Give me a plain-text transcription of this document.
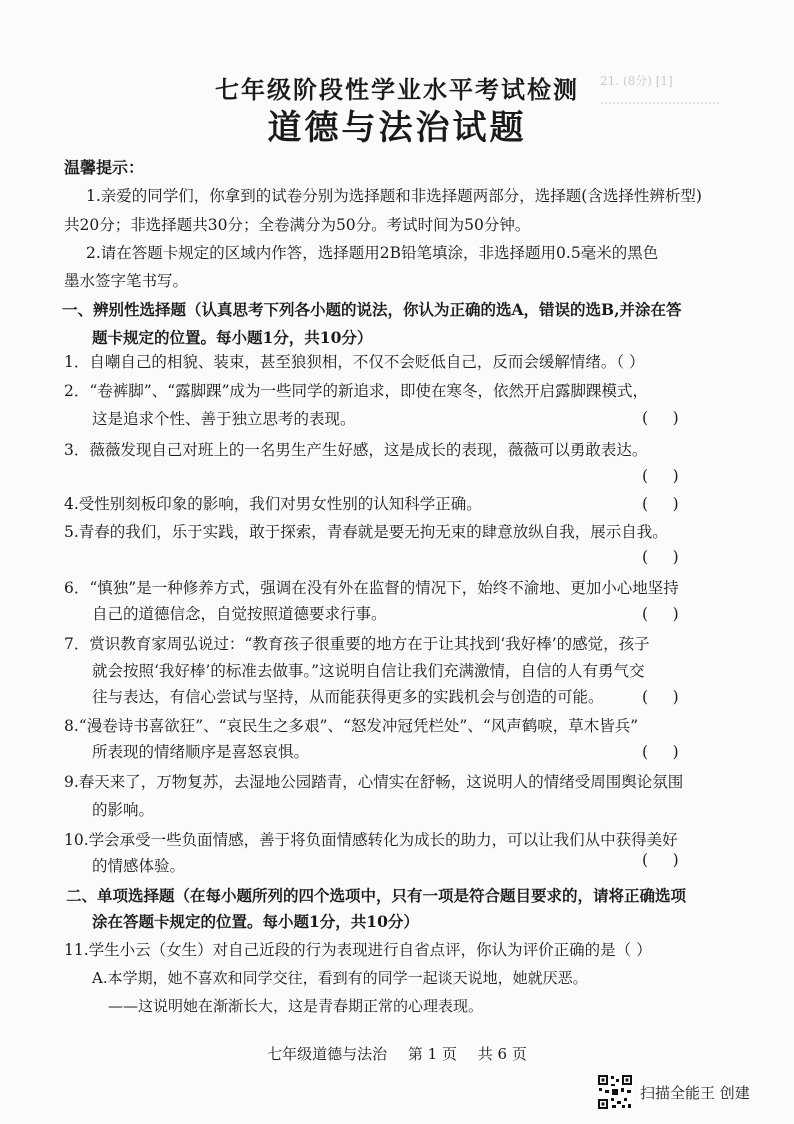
21. (8分) [1]
…………………………
七年级阶段性学业水平考试检测
道德与法治试题
温馨提示：
1.亲爱的同学们，你拿到的试卷分别为选择题和非选择题两部分，选择题(含选择性辨析型)
共20分；非选择题共30分；全卷满分为50分。考试时间为50分钟。
2.请在答题卡规定的区域内作答，选择题用2B铅笔填涂，非选择题用0.5毫米的黑色
墨水签字笔书写。
一、辨别性选择题（认真思考下列各小题的说法，你认为正确的选A，错误的选B,并涂在答
题卡规定的位置。每小题1分，共10分）
1．自嘲自己的相貌、装束，甚至狼狈相，不仅不会贬低自己，反而会缓解情绪。（ ）
2．“卷裤脚”、“露脚踝”成为一些同学的新追求，即使在寒冬，依然开启露脚踝模式，
这是追求个性、善于独立思考的表现。	(     )
3．薇薇发现自己对班上的一名男生产生好感，这是成长的表现，薇薇可以勇敢表达。
(     )
4.受性别刻板印象的影响，我们对男女性别的认知科学正确。	(     )
5.青春的我们，乐于实践，敢于探索，青春就是要无拘无束的肆意放纵自我，展示自我。
(     )
6．“慎独”是一种修养方式，强调在没有外在监督的情况下，始终不渝地、更加小心地坚持
自己的道德信念，自觉按照道德要求行事。	(     )
7．赏识教育家周弘说过：“教育孩子很重要的地方在于让其找到‘我好棒’的感觉，孩子
就会按照‘我好棒’的标准去做事。”这说明自信让我们充满激情，自信的人有勇气交
往与表达，有信心尝试与坚持，从而能获得更多的实践机会与创造的可能。 (     )
8.“漫卷诗书喜欲狂”、“哀民生之多艰”、“怒发冲冠凭栏处”、“风声鹤唳，草木皆兵”
所表现的情绪顺序是喜怒哀惧。	(     )
9.春天来了，万物复苏，去湿地公园踏青，心情实在舒畅，这说明人的情绪受周围舆论氛围
的影响。
10.学会承受一些负面情感，善于将负面情感转化为成长的助力，可以让我们从中获得美好
的情感体验。	(     )
二、单项选择题（在每小题所列的四个选项中，只有一项是符合题目要求的，请将正确选项
涂在答题卡规定的位置。每小题1分，共10分）
11.学生小云（女生）对自己近段的行为表现进行自省点评，你认为评价正确的是（ ）
A.本学期，她不喜欢和同学交往，看到有的同学一起谈天说地，她就厌恶。
——这说明她在渐渐长大，这是青春期正常的心理表现。
七年级道德与法治 第 1 页 共 6 页
扫描全能王 创建
